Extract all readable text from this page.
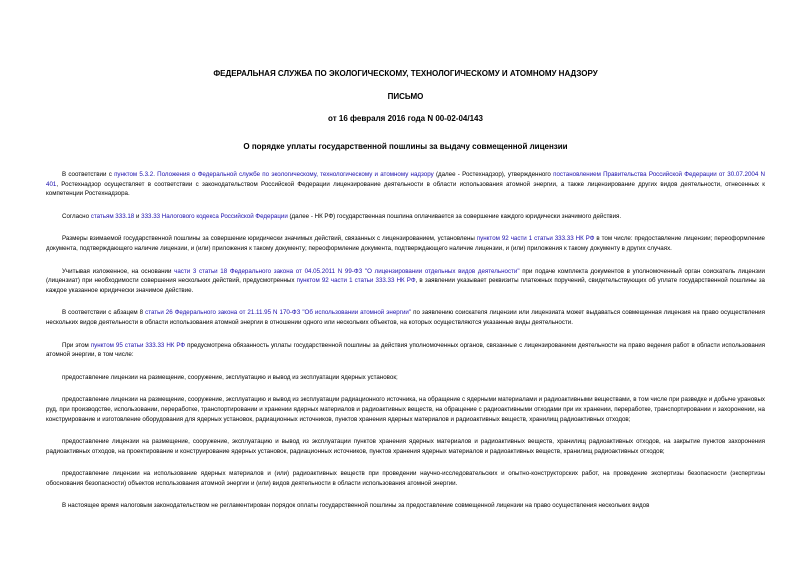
ФЕДЕРАЛЬНАЯ СЛУЖБА ПО ЭКОЛОГИЧЕСКОМУ, ТЕХНОЛОГИЧЕСКОМУ И АТОМНОМУ НАДЗОРУ
ПИСЬМО
от 16 февраля 2016 года N 00-02-04/143
О порядке уплаты государственной пошлины за выдачу совмещенной лицензии

В соответствии с пунктом 5.3.2. Положения о Федеральной службе по экологическому, технологическому и атомному надзору (далее - Ростехнадзор), утвержденного постановлением Правительства Российской Федерации от 30.07.2004 N 401, Ростехнадзор осуществляет в соответствии с законодательством Российской Федерации лицензирование деятельности в области использования атомной энергии, а также лицензирование других видов деятельности, отнесенных к компетенции Ростехнадзора.

Согласно статьям 333.18 и 333.33 Налогового кодекса Российской Федерации (далее - НК РФ) государственная пошлина оплачивается за совершение каждого юридически значимого действия.

Размеры взимаемой государственной пошлины за совершение юридически значимых действий, связанных с лицензированием, установлены пунктом 92 части 1 статьи 333.33 НК РФ в том числе: предоставление лицензии; переоформление документа, подтверждающего наличие лицензии, и (или) приложения к такому документу; переоформление документа, подтверждающего наличие лицензии, и (или) приложения к такому документу в других случаях.

Учитывая изложенное, на основании части 3 статьи 18 Федерального закона от 04.05.2011 N 99-ФЗ "О лицензировании отдельных видов деятельности" при подаче комплекта документов в уполномоченный орган соискатель лицензии (лицензиат) при необходимости совершения нескольких действий, предусмотренных пунктом 92 части 1 статьи 333.33 НК РФ, в заявлении указывает реквизиты платежных поручений, свидетельствующих об уплате государственной пошлины за каждое указанное юридически значимое действие.

В соответствии с абзацем 8 статьи 26 Федерального закона от 21.11.95 N 170-ФЗ "Об использовании атомной энергии" по заявлению соискателя лицензии или лицензиата может выдаваться совмещенная лицензия на право осуществления нескольких видов деятельности в области использования атомной энергии в отношении одного или нескольких объектов, на которых осуществляются указанные виды деятельности.

При этом пунктом 95 статьи 333.33 НК РФ предусмотрена обязанность уплаты государственной пошлины за действия уполномоченных органов, связанные с лицензированием деятельности на право ведения работ в области использования атомной энергии, в том числе:

предоставление лицензии на размещение, сооружение, эксплуатацию и вывод из эксплуатации ядерных установок;

предоставление лицензии на размещение, сооружение, эксплуатацию и вывод из эксплуатации радиационного источника, на обращение с ядерными материалами и радиоактивными веществами, в том числе при разведке и добыче урановых руд, при производстве, использовании, переработке, транспортировании и хранении ядерных материалов и радиоактивных веществ, на обращение с радиоактивными отходами при их хранении, переработке, транспортировании и захоронении, на конструирование и изготовление оборудования для ядерных установок, радиационных источников, пунктов хранения ядерных материалов и радиоактивных веществ, хранилищ радиоактивных отходов;

предоставление лицензии на размещение, сооружение, эксплуатацию и вывод из эксплуатации пунктов хранения ядерных материалов и радиоактивных веществ, хранилищ радиоактивных отходов, на закрытие пунктов захоронения радиоактивных отходов, на проектирование и конструирование ядерных установок, радиационных источников, пунктов хранения ядерных материалов и радиоактивных веществ, хранилищ радиоактивных отходов;

предоставление лицензии на использование ядерных материалов и (или) радиоактивных веществ при проведении научно-исследовательских и опытно-конструкторских работ, на проведение экспертизы безопасности (экспертизы обоснования безопасности) объектов использования атомной энергии и (или) видов деятельности в области использования атомной энергии.

В настоящее время налоговым законодательством не регламентирован порядок оплаты государственной пошлины за предоставление совмещенной лицензии на право осуществления нескольких видов
